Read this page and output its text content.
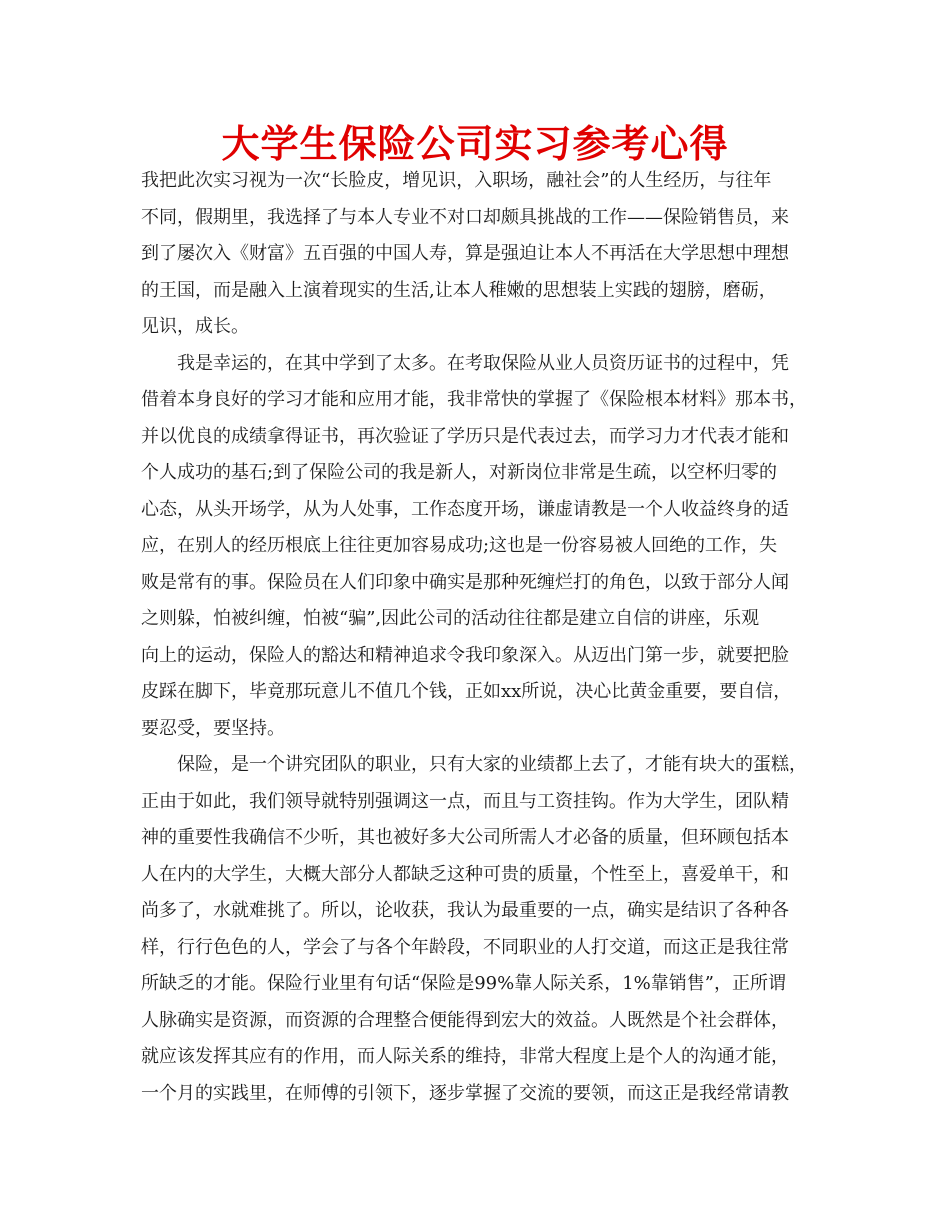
大学生保险公司实习参考心得
我把此次实习视为一次“长脸皮，增见识，入职场，融社会”的人生经历，与往年
不同，假期里，我选择了与本人专业不对口却颇具挑战的工作——保险销售员，来
到了屡次入《财富》五百强的中国人寿，算是强迫让本人不再活在大学思想中理想
的王国，而是融入上演着现实的生活,让本人稚嫩的思想装上实践的翅膀，磨砺，
见识，成长。
我是幸运的，在其中学到了太多。在考取保险从业人员资历证书的过程中，凭
借着本身良好的学习才能和应用才能，我非常快的掌握了《保险根本材料》那本书，
并以优良的成绩拿得证书，再次验证了学历只是代表过去，而学习力才代表才能和
个人成功的基石;到了保险公司的我是新人，对新岗位非常是生疏，以空杯归零的
心态，从头开场学，从为人处事，工作态度开场，谦虚请教是一个人收益终身的适
应，在别人的经历根底上往往更加容易成功;这也是一份容易被人回绝的工作，失
败是常有的事。保险员在人们印象中确实是那种死缠烂打的角色，以致于部分人闻
之则躲，怕被纠缠，怕被“骗”,因此公司的活动往往都是建立自信的讲座，乐观
向上的运动，保险人的豁达和精神追求令我印象深入。从迈出门第一步，就要把脸
皮踩在脚下，毕竟那玩意儿不值几个钱，正如xx所说，决心比黄金重要，要自信，
要忍受，要坚持。
保险，是一个讲究团队的职业，只有大家的业绩都上去了，才能有块大的蛋糕，
正由于如此，我们领导就特别强调这一点，而且与工资挂钩。作为大学生，团队精
神的重要性我确信不少听，其也被好多大公司所需人才必备的质量，但环顾包括本
人在内的大学生，大概大部分人都缺乏这种可贵的质量，个性至上，喜爱单干，和
尚多了，水就难挑了。所以，论收获，我认为最重要的一点，确实是结识了各种各
样，行行色色的人，学会了与各个年龄段，不同职业的人打交道，而这正是我往常
所缺乏的才能。保险行业里有句话“保险是99%靠人际关系，1%靠销售”，正所谓
人脉确实是资源，而资源的合理整合便能得到宏大的效益。人既然是个社会群体，
就应该发挥其应有的作用，而人际关系的维持，非常大程度上是个人的沟通才能，
一个月的实践里，在师傅的引领下，逐步掌握了交流的要领，而这正是我经常请教
